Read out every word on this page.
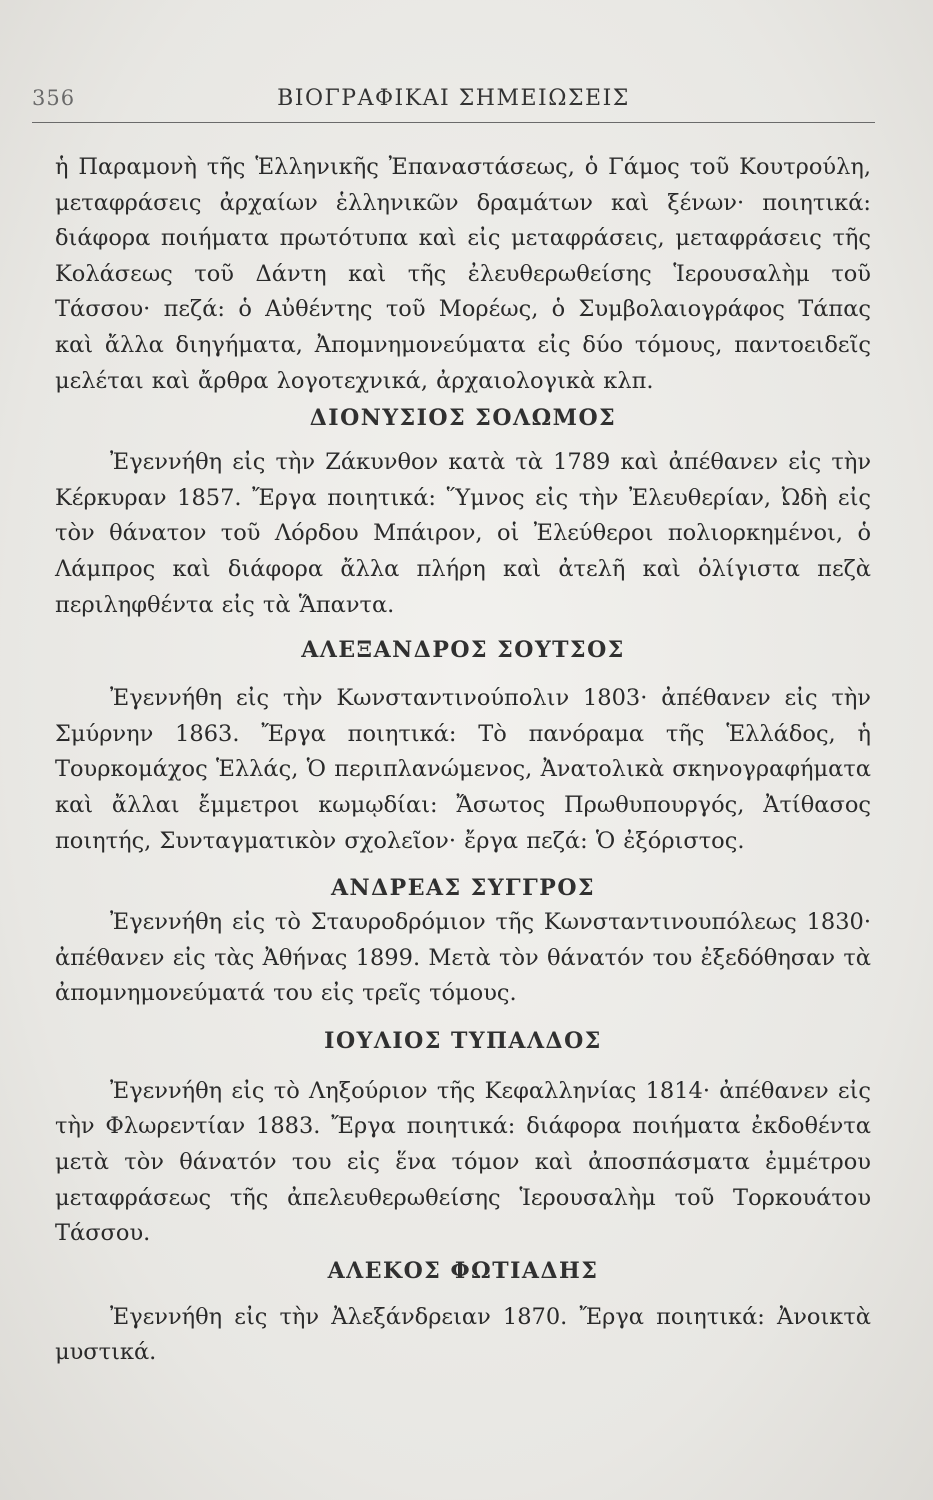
356	ΒΙΟΓΡΑΦΙΚΑΙ ΣΗΜΕΙΩΣΕΙΣ

ἡ Παραμονὴ τῆς Ἑλληνικῆς Ἐπαναστάσεως, ὁ Γάμος τοῦ Κουτρούλη, μεταφράσεις ἀρχαίων ἑλληνικῶν δραμάτων καὶ ξένων· ποιητικά: διάφορα ποιήματα πρωτότυπα καὶ εἰς μεταφράσεις, μεταφράσεις τῆς Κολάσεως τοῦ Δάντη καὶ τῆς ἐλευθερωθείσης Ἱερουσαλὴμ τοῦ Τάσσου· πεζά: ὁ Αὐθέντης τοῦ Μορέως, ὁ Συμβολαιογράφος Τάπας καὶ ἄλλα διηγήματα, Ἀπομνημονεύματα εἰς δύο τόμους, παντοειδεῖς μελέται καὶ ἄρθρα λογοτεχνικά, ἀρχαιολογικὰ κλπ.

ΔΙΟΝΥΣΙΟΣ ΣΟΛΩΜΟΣ

Ἐγεννήθη εἰς τὴν Ζάκυνθον κατὰ τὰ 1789 καὶ ἀπέθανεν εἰς τὴν Κέρκυραν 1857. Ἔργα ποιητικά: Ὕμνος εἰς τὴν Ἐλευθερίαν, Ὠδὴ εἰς τὸν θάνατον τοῦ Λόρδου Μπάιρον, οἱ Ἐλεύθεροι πολιορκημένοι, ὁ Λάμπρος καὶ διάφορα ἄλλα πλήρη καὶ ἀτελῆ καὶ ὀλίγιστα πεζὰ περιληφθέντα εἰς τὰ Ἅπαντα.

ΑΛΕΞΑΝΔΡΟΣ ΣΟΥΤΣΟΣ

Ἐγεννήθη εἰς τὴν Κωνσταντινούπολιν 1803· ἀπέθανεν εἰς τὴν Σμύρνην 1863. Ἔργα ποιητικά: Τὸ πανόραμα τῆς Ἑλλάδος, ἡ Τουρκομάχος Ἑλλάς, Ὁ περιπλανώμενος, Ἀνατολικὰ σκηνογραφήματα καὶ ἄλλαι ἔμμετροι κωμῳδίαι: Ἄσωτος Πρωθυπουργός, Ἀτίθασος ποιητής, Συνταγματικὸν σχολεῖον· ἔργα πεζά: Ὁ ἐξόριστος.

ΑΝΔΡΕΑΣ ΣΥΓΓΡΟΣ

Ἐγεννήθη εἰς τὸ Σταυροδρόμιον τῆς Κωνσταντινουπόλεως 1830· ἀπέθανεν εἰς τὰς Ἀθήνας 1899. Μετὰ τὸν θάνατόν του ἐξεδόθησαν τὰ ἀπομνημονεύματά του εἰς τρεῖς τόμους.

ΙΟΥΛΙΟΣ ΤΥΠΑΛΔΟΣ

Ἐγεννήθη εἰς τὸ Ληξούριον τῆς Κεφαλληνίας 1814· ἀπέθανεν εἰς τὴν Φλωρεντίαν 1883. Ἔργα ποιητικά: διάφορα ποιήματα ἐκδοθέντα μετὰ τὸν θάνατόν του εἰς ἕνα τόμον καὶ ἀποσπάσματα ἐμμέτρου μεταφράσεως τῆς ἀπελευθερωθείσης Ἱερουσαλὴμ τοῦ Τορκουάτου Τάσσου.

ΑΛΕΚΟΣ ΦΩΤΙΑΔΗΣ

Ἐγεννήθη εἰς τὴν Ἀλεξάνδρειαν 1870. Ἔργα ποιητικά: Ἀνοικτὰ μυστικά.
